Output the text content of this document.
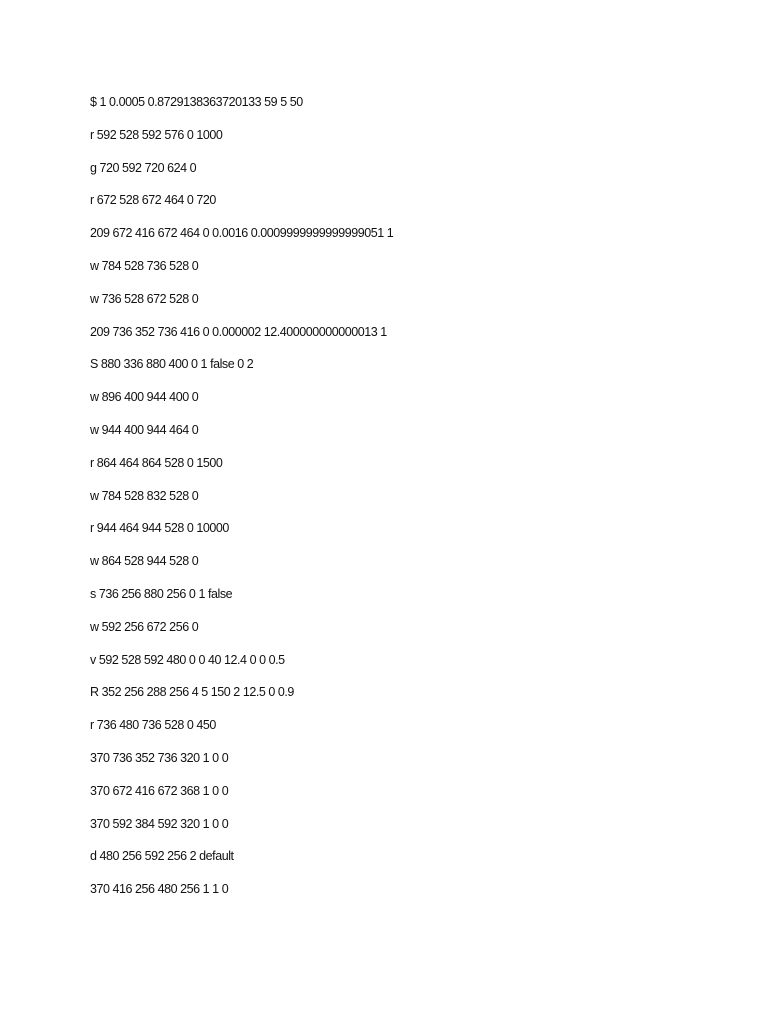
$ 1 0.0005 0.8729138363720133 59 5 50
r 592 528 592 576 0 1000
g 720 592 720 624 0
r 672 528 672 464 0 720
209 672 416 672 464 0 0.0016 0.0009999999999999051 1
w 784 528 736 528 0
w 736 528 672 528 0
209 736 352 736 416 0 0.000002 12.400000000000013 1
S 880 336 880 400 0 1 false 0 2
w 896 400 944 400 0
w 944 400 944 464 0
r 864 464 864 528 0 1500
w 784 528 832 528 0
r 944 464 944 528 0 10000
w 864 528 944 528 0
s 736 256 880 256 0 1 false
w 592 256 672 256 0
v 592 528 592 480 0 0 40 12.4 0 0 0.5
R 352 256 288 256 4 5 150 2 12.5 0 0.9
r 736 480 736 528 0 450
370 736 352 736 320 1 0 0
370 672 416 672 368 1 0 0
370 592 384 592 320 1 0 0
d 480 256 592 256 2 default
370 416 256 480 256 1 1 0
